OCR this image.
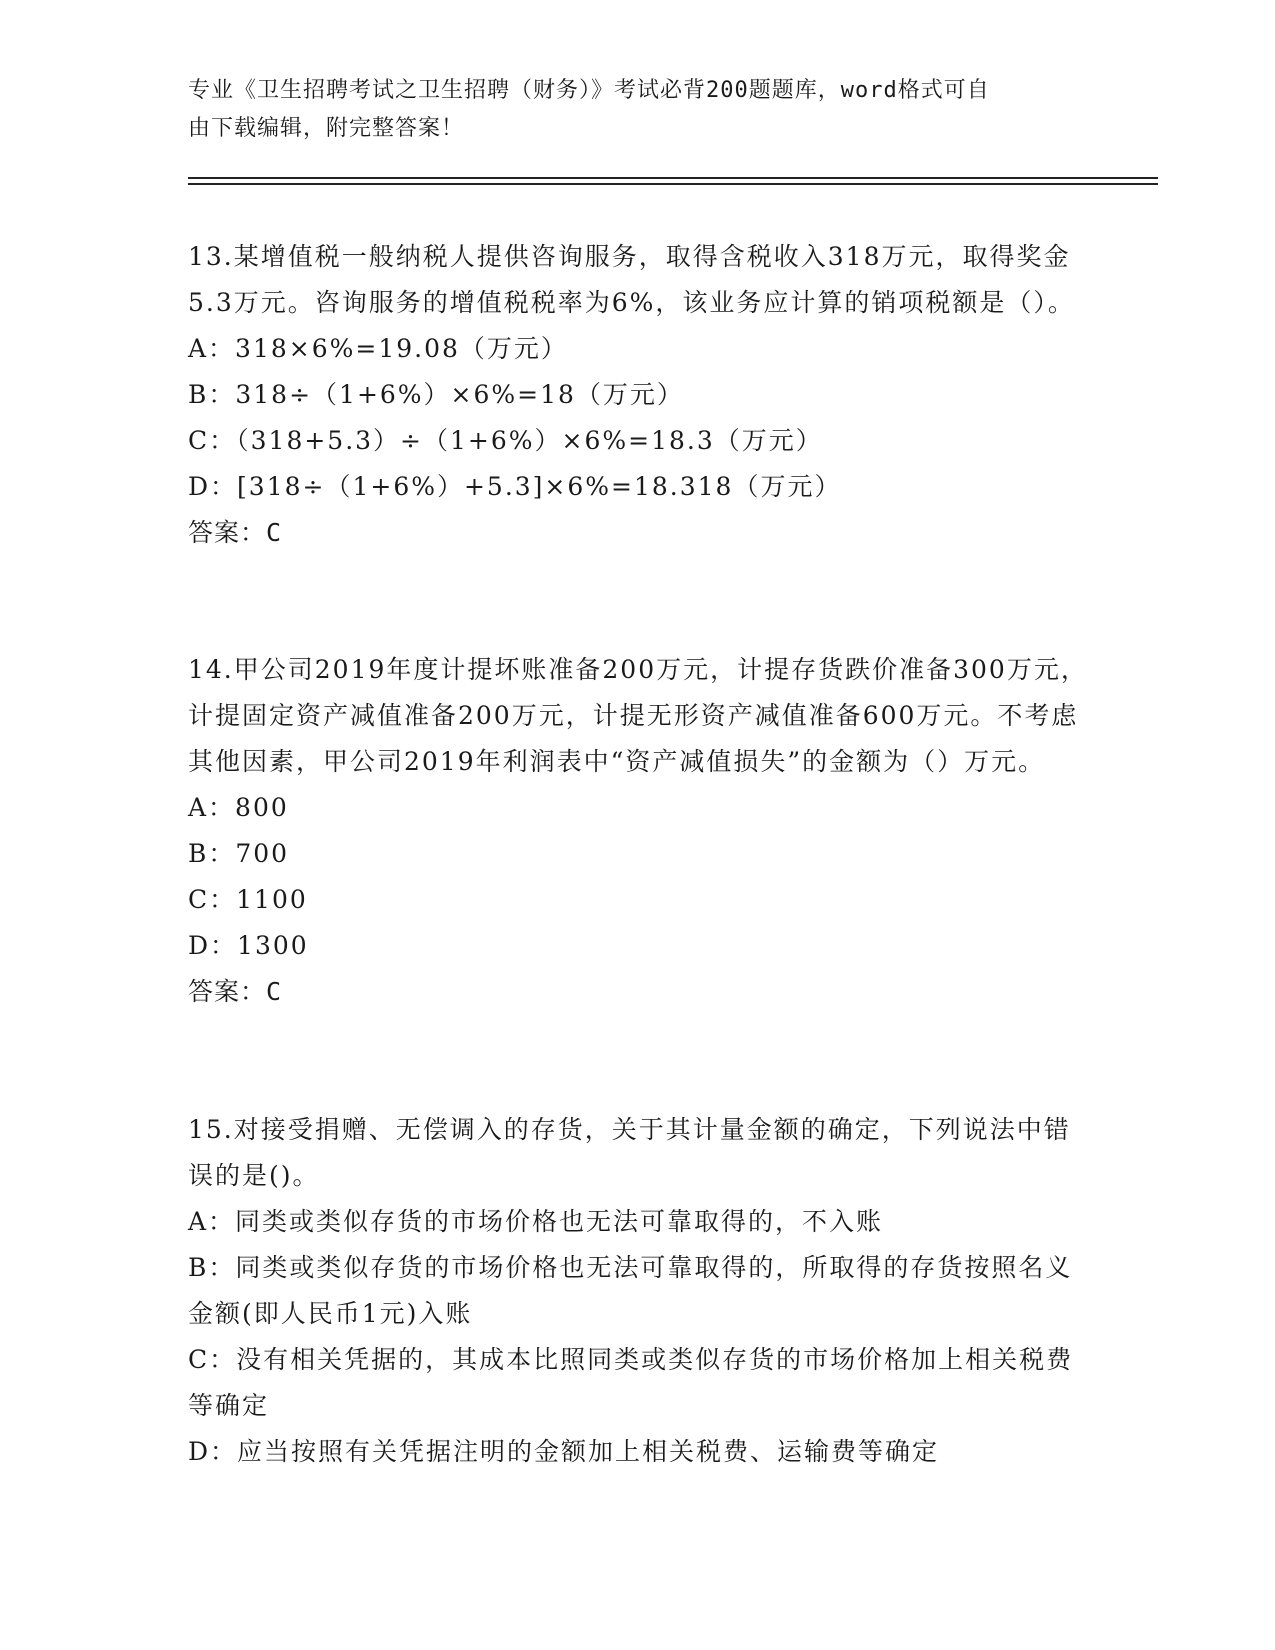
专业《卫生招聘考试之卫生招聘（财务）》考试必背200题题库，word格式可自
由下载编辑，附完整答案！

13.某增值税一般纳税人提供咨询服务，取得含税收入318万元，取得奖金5.3万元。咨询服务的增值税税率为6%，该业务应计算的销项税额是（）。

A：318×6%=19.08（万元）

B：318÷（1+6%）×6%=18（万元）

C：（318+5.3）÷（1+6%）×6%=18.3（万元）

D：[318÷（1+6%）+5.3]×6%=18.318（万元）

答案：C

14.甲公司2019年度计提坏账准备200万元，计提存货跌价准备300万元，计提固定资产减值准备200万元，计提无形资产减值准备600万元。不考虑其他因素，甲公司2019年利润表中“资产减值损失”的金额为（）万元。

A：800

B：700

C：1100

D：1300

答案：C

15.对接受捐赠、无偿调入的存货，关于其计量金额的确定，下列说法中错误的是()。

A：同类或类似存货的市场价格也无法可靠取得的，不入账

B：同类或类似存货的市场价格也无法可靠取得的，所取得的存货按照名义金额(即人民币1元)入账

C：没有相关凭据的，其成本比照同类或类似存货的市场价格加上相关税费等确定

D：应当按照有关凭据注明的金额加上相关税费、运输费等确定
